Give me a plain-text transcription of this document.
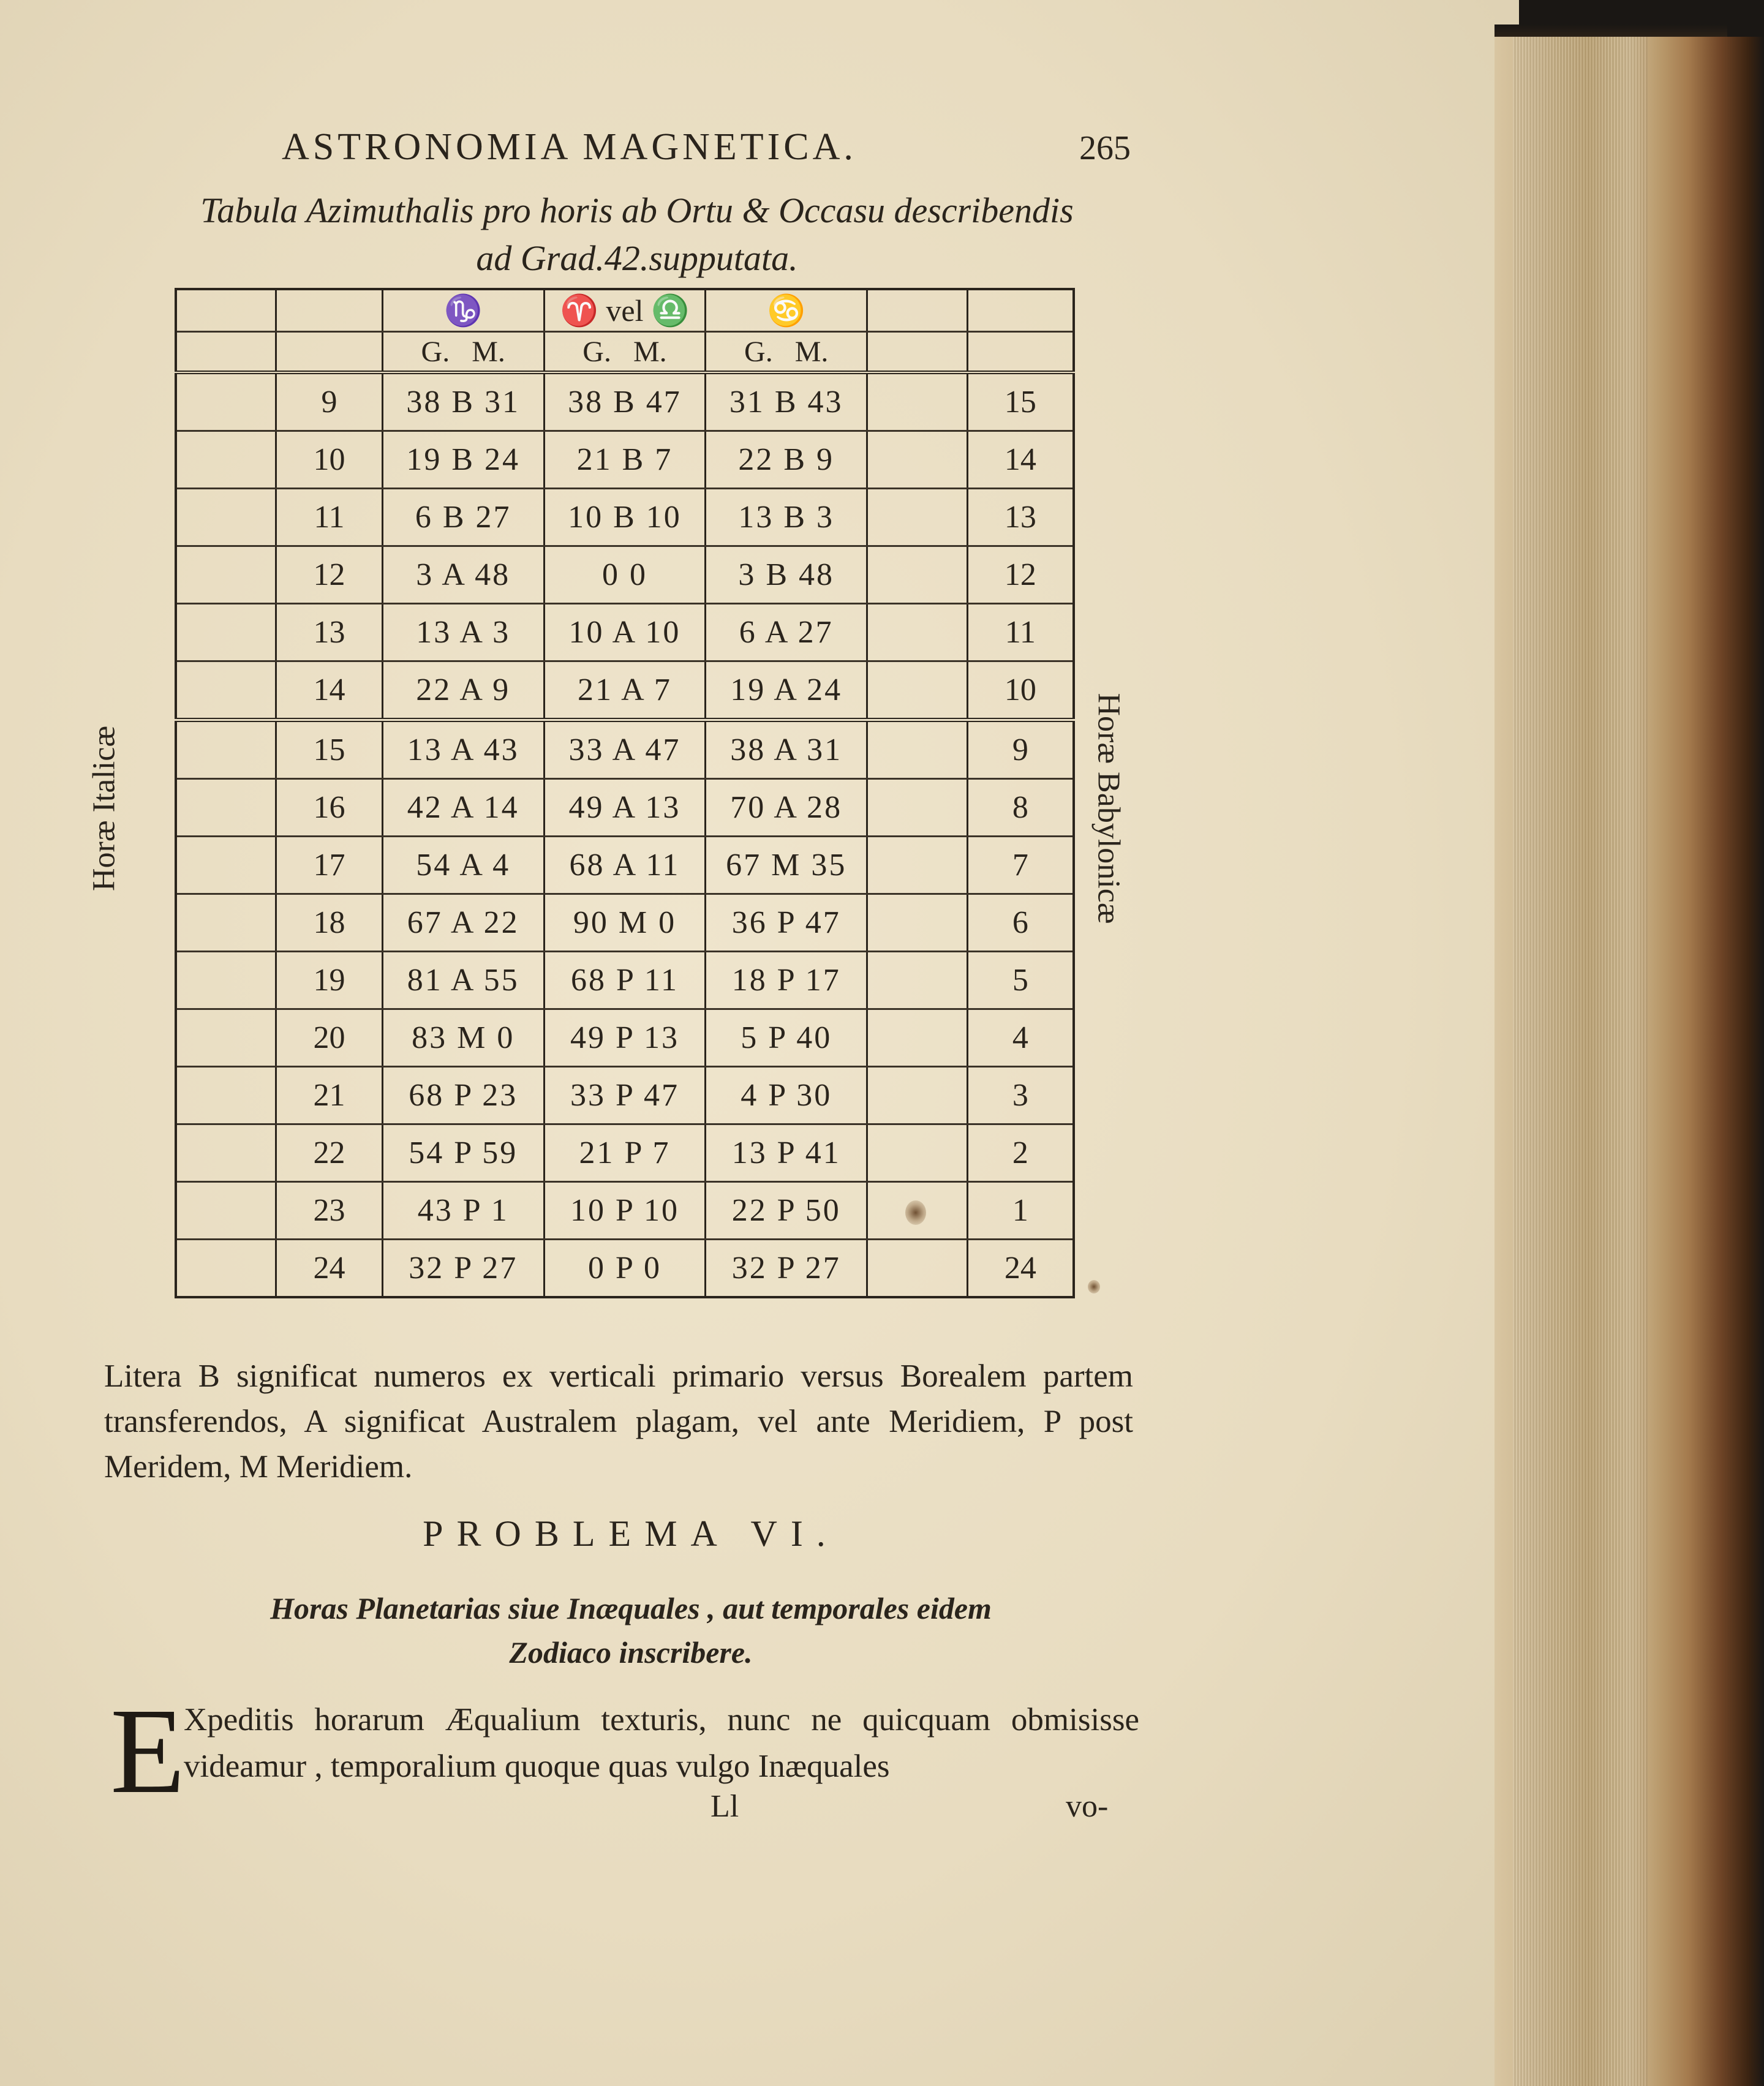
ASTRONOMIA MAGNETICA.	265
Tabula Azimuthalis pro horis ab Ortu & Occasu describendis
ad Grad.42.supputata.
Horæ Italicæ	Horæ Babylonicæ
		♑	♈ vel ♎	♋		
		G.   M.	G.   M.	G.   M.		
	9	38 B 31	38 B 47	31 B 43		15
	10	19 B 24	21 B 7	22 B 9		14
	11	6 B 27	10 B 10	13 B 3		13
	12	3 A 48	0 0	3 B 48		12
	13	13 A 3	10 A 10	6 A 27		11
	14	22 A 9	21 A 7	19 A 24		10
	15	13 A 43	33 A 47	38 A 31		9
	16	42 A 14	49 A 13	70 A 28		8
	17	54 A 4	68 A 11	67 M 35		7
	18	67 A 22	90 M 0	36 P 47		6
	19	81 A 55	68 P 11	18 P 17		5
	20	83 M 0	49 P 13	5 P 40		4
	21	68 P 23	33 P 47	4 P 30		3
	22	54 P 59	21 P 7	13 P 41		2
	23	43 P 1	10 P 10	22 P 50		1
	24	32 P 27	0 P 0	32 P 27		24
Litera B significat numeros ex verticali primario versus Borealem partem transferendos, A significat Australem plagam, vel ante Meridiem, P post Meridem, M Meridiem.
PROBLEMA VI.
Horas Planetarias siue Inæquales , aut temporales eidem
Zodiaco inscribere.
E
Xpeditis horarum Æqualium texturis, nunc ne quicquam obmisisse videamur , temporalium quoque quas vulgo Inæquales
Ll	vo-
